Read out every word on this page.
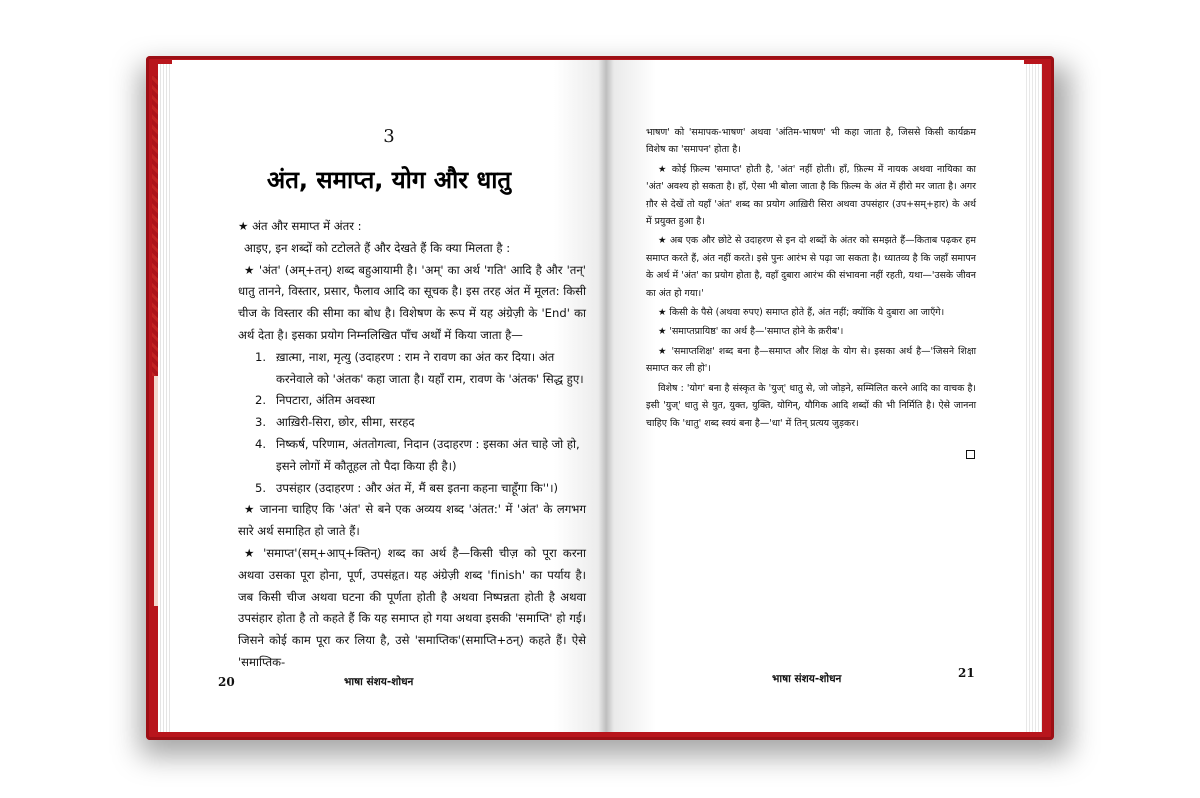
3
अंत, समाप्त, योग और धातु

★ अंत और समाप्त में अंतर :

आइए, इन शब्दों को टटोलते हैं और देखते हैं कि क्या मिलता है :

★ 'अंत' (अम्+तन्) शब्द बहुआयामी है। 'अम्' का अर्थ 'गति' आदि है और 'तन्' धातु तानने, विस्तार, प्रसार, फैलाव आदि का सूचक है। इस तरह अंत में मूलत: किसी चीज के विस्तार की सीमा का बोध है। विशेषण के रूप में यह अंग्रेज़ी के 'End' का अर्थ देता है। इसका प्रयोग निम्नलिखित पाँच अर्थों में किया जाता है—

1. ख़ात्मा, नाश, मृत्यु (उदाहरण : राम ने रावण का अंत कर दिया। अंत करनेवाले को 'अंतक' कहा जाता है। यहाँ राम, रावण के 'अंतक' सिद्ध हुए।
2. निपटारा, अंतिम अवस्था
3. आख़िरी-सिरा, छोर, सीमा, सरहद
4. निष्कर्ष, परिणाम, अंततोगत्वा, निदान (उदाहरण : इसका अंत चाहे जो हो, इसने लोगों में कौतूहल तो पैदा किया ही है।)
5. उपसंहार (उदाहरण : और अंत में, मैं बस इतना कहना चाहूँगा कि''।)

★ जानना चाहिए कि 'अंत' से बने एक अव्यय शब्द 'अंतत:' में 'अंत' के लगभग सारे अर्थ समाहित हो जाते हैं।

★ 'समाप्त'(सम्+आप्+क्तिन्) शब्द का अर्थ है—किसी चीज़ को पूरा करना अथवा उसका पूरा होना, पूर्ण, उपसंहृत। यह अंग्रेज़ी शब्द 'finish' का पर्याय है। जब किसी चीज अथवा घटना की पूर्णता होती है अथवा निष्पन्नता होती है अथवा उपसंहार होता है तो कहते हैं कि यह समाप्त हो गया अथवा इसकी 'समाप्ति' हो गई। जिसने कोई काम पूरा कर लिया है, उसे 'समाप्तिक'(समाप्ति+ठन्) कहते हैं। ऐसे 'समाप्तिक-

20	भाषा संशय-शोधन

भाषण' को 'समापक-भाषण' अथवा 'अंतिम-भाषण' भी कहा जाता है, जिससे किसी कार्यक्रम विशेष का 'समापन' होता है।

★ कोई फ़िल्म 'समाप्त' होती है, 'अंत' नहीं होती। हाँ, फ़िल्म में नायक अथवा नायिका का 'अंत' अवश्य हो सकता है। हाँ, ऐसा भी बोला जाता है कि फ़िल्म के अंत में हीरो मर जाता है। अगर ग़ौर से देखें तो यहाँ 'अंत' शब्द का प्रयोग आख़िरी सिरा अथवा उपसंहार (उप+सम्+हार) के अर्थ में प्रयुक्त हुआ है।

★ अब एक और छोटे से उदाहरण से इन दो शब्दों के अंतर को समझते हैं—किताब पढ़कर हम समाप्त करते हैं, अंत नहीं करते। इसे पुनः आरंभ से पढ़ा जा सकता है। ध्यातव्य है कि जहाँ समापन के अर्थ में 'अंत' का प्रयोग होता है, वहाँ दुबारा आरंभ की संभावना नहीं रहती, यथा—'उसके जीवन का अंत हो गया।'

★ किसी के पैसे (अथवा रुपए) समाप्त होते हैं, अंत नहीं; क्योंकि ये दुबारा आ जाएँगे।

★ 'समाप्तप्रायिष्ठ' का अर्थ है—'समाप्त होने के क़रीब'।

★ 'समाप्तशिक्ष' शब्द बना है—समाप्त और शिक्ष के योग से। इसका अर्थ है—'जिसने शिक्षा समाप्त कर ली हो'।

विशेष : 'योग' बना है संस्कृत के 'युज्' धातु से, जो जोड़ने, सम्मिलित करने आदि का वाचक है। इसी 'युज्' धातु से युत, युक्त, युक्ति, योगिन्, यौगिक आदि शब्दों की भी निर्मिति है। ऐसे जानना चाहिए कि 'धातु' शब्द स्वयं बना है—'धा' में तिन् प्रत्यय जुड़कर।

भाषा संशय-शोधन	21
